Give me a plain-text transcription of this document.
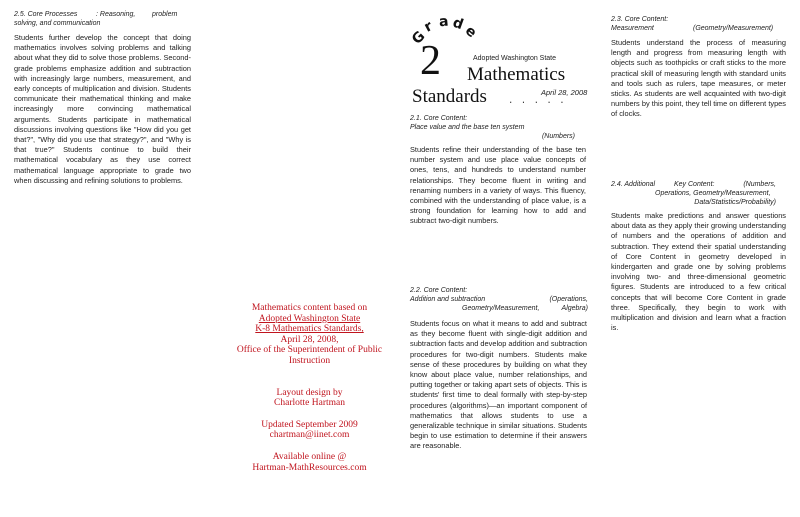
2.5. Core Processes	: Reasoning, problem
solving, and communication
Students further develop the concept that doing mathematics involves solving problems and talking about what they did to solve those problems. Second-grade problems emphasize addition and subtraction with increasingly large numbers, measurement, and early concepts of multiplication and division. Students communicate their mathematical thinking and make increasingly more convincing mathematical arguments. Students participate in mathematical discussions involving questions like "How did you get that?", "Why did you use that strategy?", and "Why is that true?" Students continue to build their mathematical vocabulary as they use correct mathematical language appropriate to grade two when discussing and refining solutions to problems.
G
r a d
e
2	Adopted Washington State
Mathematics
Standards . . . . .
April 28, 2008
2.1. Core Content:
Place value and the base ten system
(Numbers)
Students refine their understanding of the base ten number system and use place value concepts of ones, tens, and hundreds to understand number relationships. They become fluent in writing and renaming numbers in a variety of ways. This fluency, combined with the understanding of place value, is a strong foundation for learning how to add and subtract two-digit numbers.
2.2. Core Content:
Addition and subtraction	(Operations,
Geometry/Measurement,	Algebra)
Students focus on what it means to add and subtract as they become fluent with single-digit addition and subtraction facts and develop addition and subtraction procedures for two-digit numbers. Students make sense of these procedures by building on what they know about place value, number relationships, and putting together or taking apart sets of objects. This is students' first time to deal formally with step-by-step procedures (algorithms)—an important component of mathematics that allows students to use a generalizable technique in similar situations. Students begin to use estimation to determine if their answers are reasonable.
2.3. Core Content:
Measurement	(Geometry/Measurement)
Students understand the process of measuring length and progress from measuring length with objects such as toothpicks or craft sticks to the more practical skill of measuring length with standard units and tools such as rulers, tape measures, or meter sticks. As students are well acquainted with two-digit numbers by this point, they tell time on different types of clocks.
2.4. Additional	Key Content:	(Numbers,
Operations, Geometry/Measurement,
Data/Statistics/Probability)
Students make predictions and answer questions about data as they apply their growing understanding of numbers and the operations of addition and subtraction. They extend their spatial understanding of Core Content in geometry developed in kindergarten and grade one by solving problems involving two- and three-dimensional geometric figures. Students are introduced to a few critical concepts that will become Core Content in grade three. Specifically, they begin to work with multiplication and division and learn what a fraction is.
Mathematics content based on
Adopted Washington State
K-8 Mathematics Standards,
April 28, 2008,
Office of the Superintendent of Public
Instruction
Layout design by
Charlotte Hartman
Updated September 2009
chartman@iinet.com
Available online @
Hartman-MathResources.com
